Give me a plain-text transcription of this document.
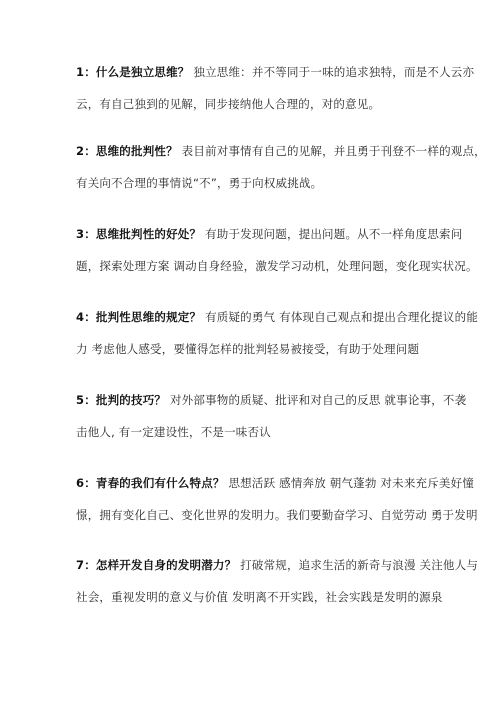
1：什么是独立思维？ 独立思维：并不等同于一味的追求独特，而是不人云亦
云，有自己独到的见解，同步接纳他人合理的，对的意见。
2：思维的批判性？ 表目前对事情有自己的见解，并且勇于刊登不一样的观点，
有关向不合理的事情说“不”，勇于向权威挑战。
3：思维批判性的好处？ 有助于发现问题，提出问题。从不一样角度思索问
题，探索处理方案 调动自身经验，激发学习动机，处理问题，变化现实状况。
4：批判性思维的规定？ 有质疑的勇气 有体现自己观点和提出合理化提议的能
力 考虑他人感受，要懂得怎样的批判轻易被接受，有助于处理问题
5：批判的技巧？ 对外部事物的质疑、批评和对自己的反思 就事论事，不袭
击他人, 有一定建设性，不是一味否认
6：青春的我们有什么特点？ 思想活跃 感情奔放 朝气蓬勃 对未来充斥美好憧
憬，拥有变化自己、变化世界的发明力。我们要勤奋学习、自觉劳动 勇于发明
7：怎样开发自身的发明潜力？ 打破常规，追求生活的新奇与浪漫 关注他人与
社会，重视发明的意义与价值 发明离不开实践，社会实践是发明的源泉
